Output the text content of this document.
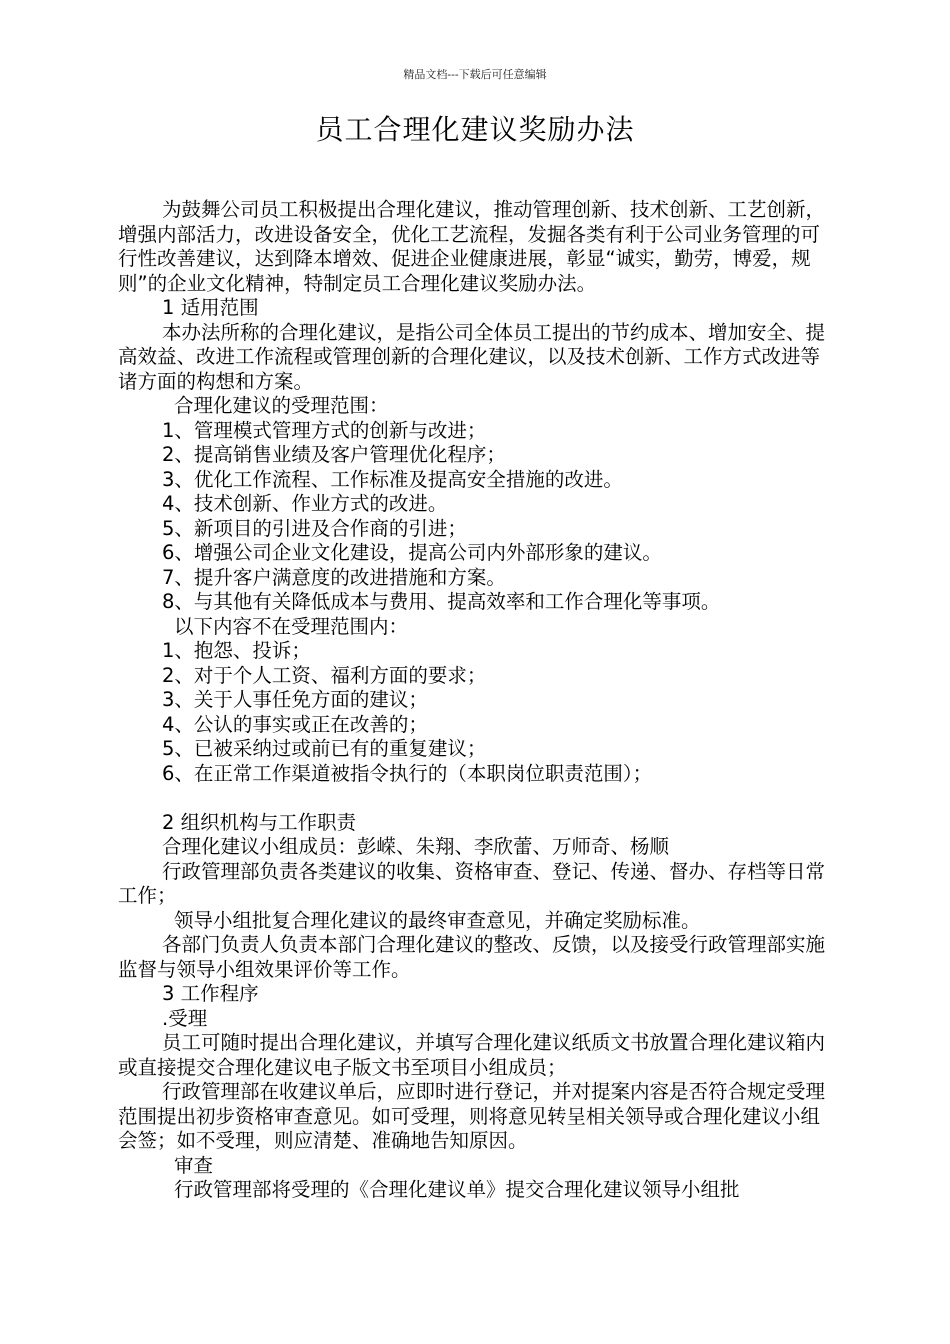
精品文档---下载后可任意编辑
员工合理化建议奖励办法

为鼓舞公司员工积极提出合理化建议，推动管理创新、技术创新、工艺创新，增强内部活力，改进设备安全，优化工艺流程，发掘各类有利于公司业务管理的可行性改善建议，达到降本增效、促进企业健康进展，彰显“诚实，勤劳，博爱，规则”的企业文化精神，特制定员工合理化建议奖励办法。

1 适用范围

本办法所称的合理化建议，是指公司全体员工提出的节约成本、增加安全、提高效益、改进工作流程或管理创新的合理化建议，以及技术创新、工作方式改进等诸方面的构想和方案。

合理化建议的受理范围：

1、管理模式管理方式的创新与改进；

2、提高销售业绩及客户管理优化程序；

3、优化工作流程、工作标准及提高安全措施的改进。

4、技术创新、作业方式的改进。

5、新项目的引进及合作商的引进；

6、增强公司企业文化建设，提高公司内外部形象的建议。

7、提升客户满意度的改进措施和方案。

8、与其他有关降低成本与费用、提高效率和工作合理化等事项。

以下内容不在受理范围内：

1、抱怨、投诉；

2、对于个人工资、福利方面的要求；

3、关于人事任免方面的建议；

4、公认的事实或正在改善的；

5、已被采纳过或前已有的重复建议；

6、在正常工作渠道被指令执行的（本职岗位职责范围）；

2 组织机构与工作职责

合理化建议小组成员：彭嵘、朱翔、李欣蕾、万师奇、杨顺

行政管理部负责各类建议的收集、资格审查、登记、传递、督办、存档等日常工作；

领导小组批复合理化建议的最终审查意见，并确定奖励标准。

各部门负责人负责本部门合理化建议的整改、反馈，以及接受行政管理部实施监督与领导小组效果评价等工作。

3 工作程序

.受理

员工可随时提出合理化建议，并填写合理化建议纸质文书放置合理化建议箱内或直接提交合理化建议电子版文书至项目小组成员；

行政管理部在收建议单后，应即时进行登记，并对提案内容是否符合规定受理范围提出初步资格审查意见。如可受理，则将意见转呈相关领导或合理化建议小组会签；如不受理，则应清楚、准确地告知原因。

审查

行政管理部将受理的《合理化建议单》提交合理化建议领导小组批
